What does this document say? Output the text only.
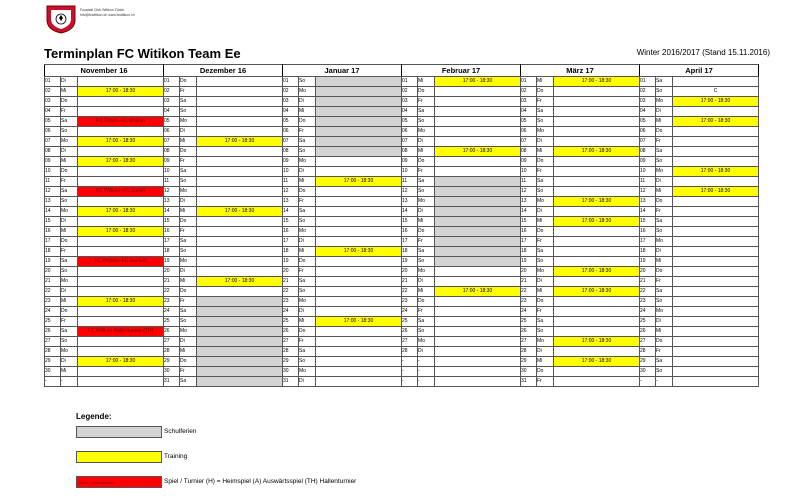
Fussball Club Witikon Zürich
info@fcwitikon.ch www.fcwitikon.ch
Terminplan FC Witikon Team Ee	Winter 2016/2017 (Stand 15.11.2016)
November 16			Dezember 16			Januar 17			Februar 17			März 17			April 17		
01	Di		01	Do		01	So		01	Mi	17:00 - 18:30	01	Mi	17:00 - 18:30	01	Sa	
02	Mi	17:00 - 18:30	02	Fr		02	Mo		02	Do		02	Do		02	So	C
03	Do		03	Sa		03	Di		03	Fr		03	Fr		03	Mo	17:00 - 18:30
04	Fr		04	So		04	Mi		04	Sa		04	Sa		04	Di	
05	Sa	FC Zürich–FC Witikon	05	Mo		05	Do		05	So		05	So		05	Mi	17:00 - 18:30
06	So		06	Di		06	Fr		06	Mo		06	Mo		06	Do	
07	Mo	17:00 - 18:30	07	Mi	17:00 - 18:30	07	Sa		07	Di		07	Di		07	Fr	
08	Di		08	Do		08	So		08	Mi	17:00 - 18:30	08	Mi	17:00 - 18:30	08	Sa	
09	Mi	17:00 - 18:30	09	Fr		09	Mo		09	Do		09	Do		09	So	
10	Do		10	Sa		10	Di		10	Fr		10	Fr		10	Mo	17:00 - 18:30
11	Fr		11	So		11	Mi	17:00 - 18:30	11	Sa		11	Sa		11	Di	
12	Sa	FC Witikon–FC Zürich	12	Mo		12	Do		12	So		12	So		12	Mi	17:00 - 18:30
13	So		13	Di		13	Fr		13	Mo		13	Mo	17:00 - 18:30	13	Do	
14	Mo	17:00 - 18:30	14	Mi	17:00 - 18:30	14	Sa		14	Di		14	Di		14	Fr	
15	Di		15	Do		15	So		15	Mi		15	Mi	17:00 - 18:30	15	Sa	
16	Mi	17:00 - 18:30	16	Fr		16	Mo		16	Do		16	Do		16	So	
17	Do		17	Sa		17	Di		17	Fr		17	Fr		17	Mo	
18	Fr		18	So		18	Mi	17:00 - 18:30	18	Sa		18	Sa		18	Di	
19	Sa	FC Witikon–FC Seefeld	19	Mo		19	Do		19	So		19	So		19	Mi	
20	So		20	Di		20	Fr		20	Mo		20	Mo	17:00 - 18:30	20	Do	
21	Mo		21	Mi	17:00 - 18:30	21	Sa		21	Di		21	Di		21	Fr	
22	Di		22	Do		22	So		22	Mi	17:00 - 18:30	22	Mi	17:00 - 18:30	22	Sa	
23	Mi	17:00 - 18:30	23	Fr		23	Mo		23	Do		23	Do		23	So	
24	Do		24	Sa		24	Di		24	Fr		24	Fr		24	Mo	
25	Fr		25	So		25	Mi	17:00 - 18:30	25	Sa		25	Sa		25	Di	
26	Sa	FC Witikon Hallenturnier (TH)	26	Mo		26	Do		26	So		26	So		26	Mi	
27	So		27	Di		27	Fr		27	Mo		27	Mo	17:00 - 18:30	27	Do	
28	Mo		28	Mi		28	Sa		28	Di		28	Di		28	Fr	
29	Di	17:00 - 18:30	29	Do		29	So		-	-		29	Mi	17:00 - 18:30	29	Sa	
30	Mi		30	Fr		30	Mo		-	-		30	Do		30	So	
-	-		31	Sa		31	Di		-	-		31	Fr		-	-	
Legende:
Schulferien
Training
Spiel / Hallenturnier	Spiel / Turnier (H) = Heimspiel (A) Auswärtsspiel (TH) Hallenturnier
